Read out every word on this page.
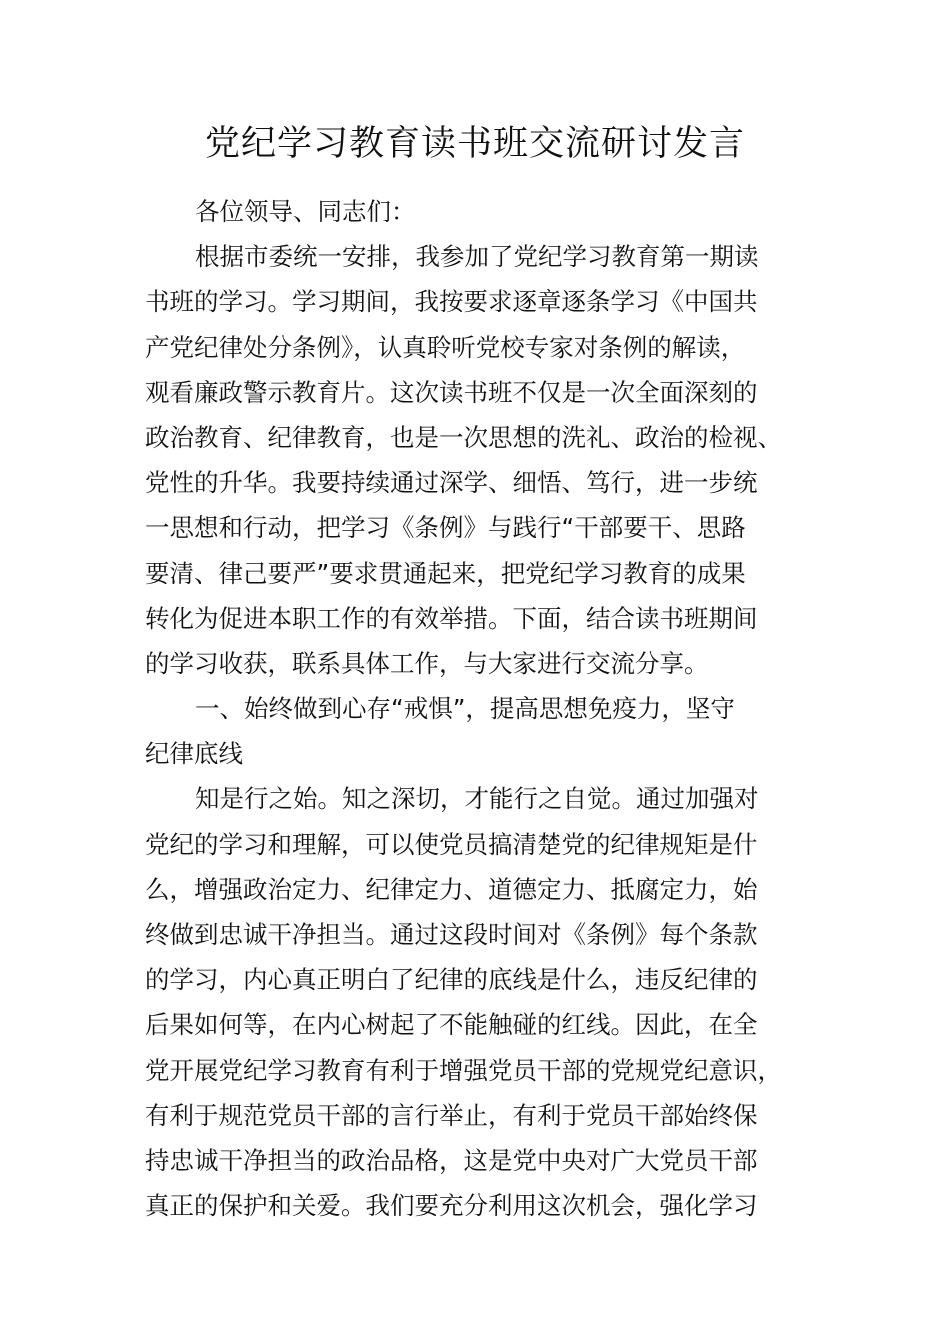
党纪学习教育读书班交流研讨发言
各位领导、同志们：
根据市委统一安排，我参加了党纪学习教育第一期读
书班的学习。学习期间，我按要求逐章逐条学习《中国共
产党纪律处分条例》，认真聆听党校专家对条例的解读，
观看廉政警示教育片。这次读书班不仅是一次全面深刻的
政治教育、纪律教育，也是一次思想的洗礼、政治的检视、
党性的升华。我要持续通过深学、细悟、笃行，进一步统
一思想和行动，把学习《条例》与践行“干部要干、思路
要清、律己要严”要求贯通起来，把党纪学习教育的成果
转化为促进本职工作的有效举措。下面，结合读书班期间
的学习收获，联系具体工作，与大家进行交流分享。
一、始终做到心存“戒惧”，提高思想免疫力，坚守
纪律底线
知是行之始。知之深切，才能行之自觉。通过加强对
党纪的学习和理解，可以使党员搞清楚党的纪律规矩是什
么，增强政治定力、纪律定力、道德定力、抵腐定力，始
终做到忠诚干净担当。通过这段时间对《条例》每个条款
的学习，内心真正明白了纪律的底线是什么，违反纪律的
后果如何等，在内心树起了不能触碰的红线。因此，在全
党开展党纪学习教育有利于增强党员干部的党规党纪意识，
有利于规范党员干部的言行举止，有利于党员干部始终保
持忠诚干净担当的政治品格，这是党中央对广大党员干部
真正的保护和关爱。我们要充分利用这次机会，强化学习
